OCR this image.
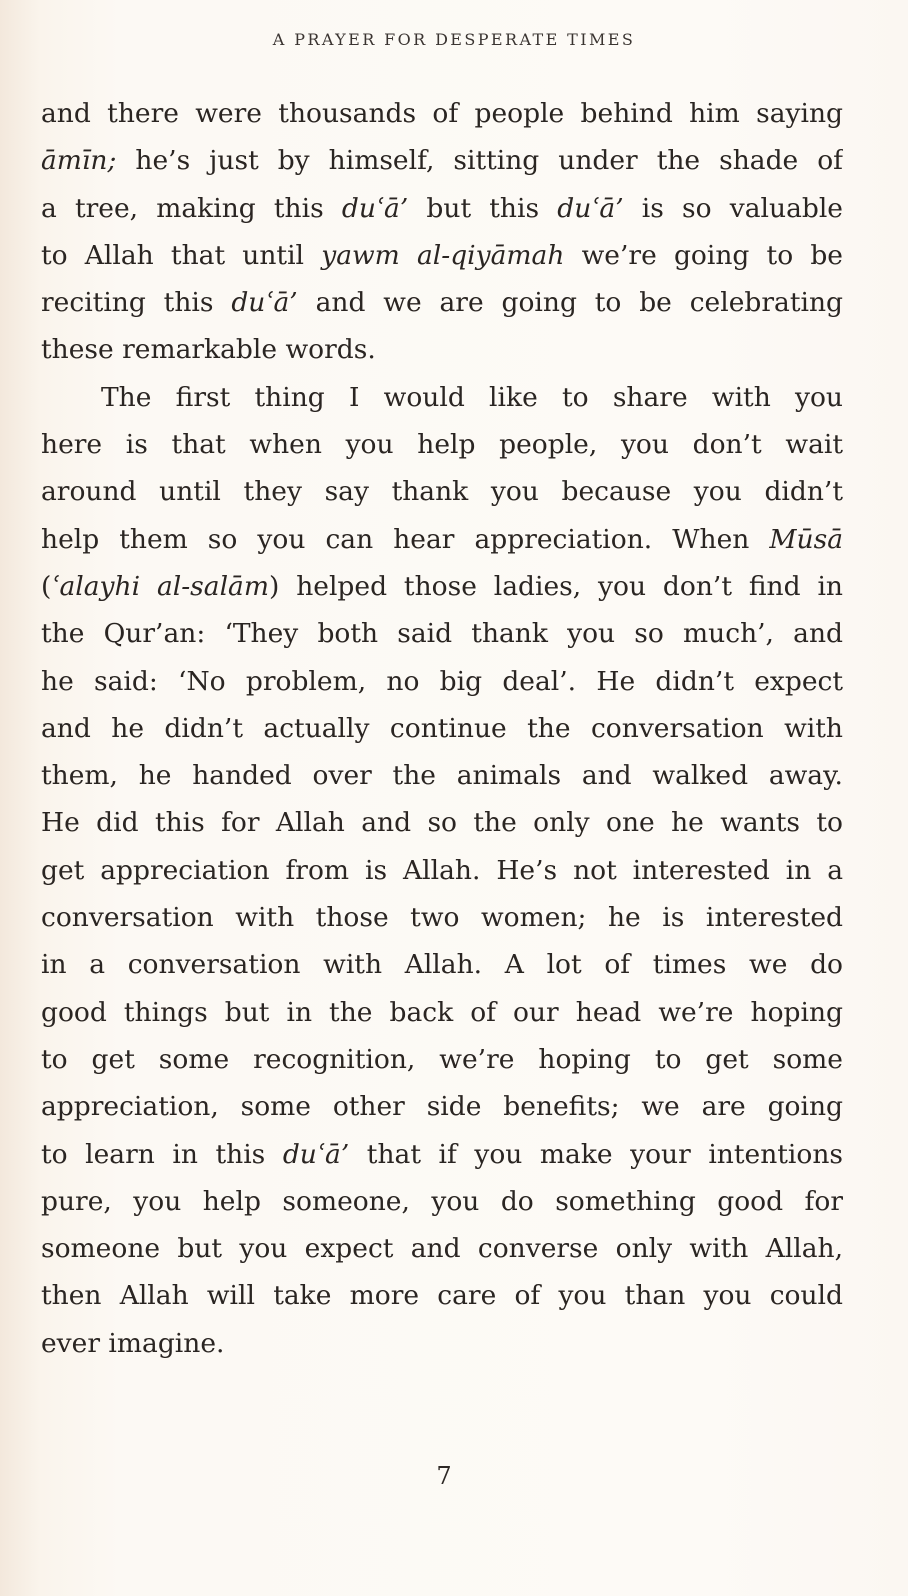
A PRAYER FOR DESPERATE TIMES
and there were thousands of people behind him saying
āmīn; he’s just by himself, sitting under the shade of
a tree, making this duʿā’ but this duʿā’ is so valuable
to Allah that until yawm al-qiyāmah we’re going to be
reciting this duʿā’ and we are going to be celebrating
these remarkable words.
The first thing I would like to share with you
here is that when you help people, you don’t wait
around until they say thank you because you didn’t
help them so you can hear appreciation. When Mūsā
(ʿalayhi al-salām) helped those ladies, you don’t find in
the Qur’an: ‘They both said thank you so much’, and
he said: ‘No problem, no big deal’. He didn’t expect
and he didn’t actually continue the conversation with
them, he handed over the animals and walked away.
He did this for Allah and so the only one he wants to
get appreciation from is Allah. He’s not interested in a
conversation with those two women; he is interested
in a conversation with Allah. A lot of times we do
good things but in the back of our head we’re hoping
to get some recognition, we’re hoping to get some
appreciation, some other side benefits; we are going
to learn in this duʿā’ that if you make your intentions
pure, you help someone, you do something good for
someone but you expect and converse only with Allah,
then Allah will take more care of you than you could
ever imagine.
7
